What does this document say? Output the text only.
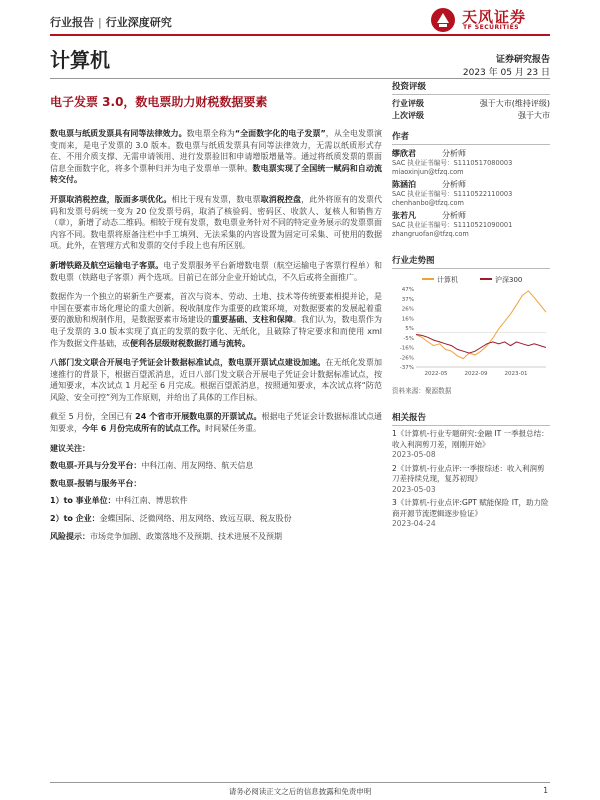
行业报告 | 行业深度研究	天风证券
TF SECURITIES
计算机	证券研究报告
2023 年 05 月 23 日
电子发票 3.0，数电票助力财税数据要素

数电票与纸质发票具有同等法律效力。数电票全称为“全面数字化的电子发票”，从全电发票演变而来，是电子发票的 3.0 版本。数电票与纸质发票具有同等法律效力，无需以纸质形式存在、不用介质支撑、无需申请领用、进行发票验旧和申请增版增量等。通过将纸质发票的票面信息全面数字化，将多个票种归并为电子发票单一票种。数电票实现了全国统一赋码和自动流转交付。

开票取消税控盘，版面多项优化。相比于现有发票，数电票取消税控盘，此外将原有的发票代码和发票号码统一变为 20 位发票号码，取消了核验码、密码区、收款人、复核人和销售方（章），新增了动态二维码。相较于现有发票，数电票业务针对不同的特定业务展示的发票票面内容不同。数电票将原备注栏中手工填列、无法采集的内容设置为固定可采集、可使用的数据项。此外，在管理方式和发票的交付手段上也有所区别。

新增铁路及航空运输电子客票。电子发票服务平台新增数电票（航空运输电子客票行程单）和数电票（铁路电子客票）两个选项。目前已在部分企业开始试点，不久后或将全面推广。

数据作为一个独立的崭新生产要素，首次与资本、劳动、土地、技术等传统要素相提并论，是中国在要素市场化理论的重大创新。税收制度作为重要的政策环境，对数据要素的发展起着重要的激励和规制作用，是数据要素市场建设的重要基础、支柱和保障。我们认为，数电票作为电子发票的 3.0 版本实现了真正的发票的数字化、无纸化，且破除了特定要求和而使用 xml 作为数据文件基础，或便利各层级财税数据打通与流转。

八部门发文联合开展电子凭证会计数据标准试点，数电票开票试点建设加速。在无纸化发票加速推行的背景下，根据百望派消息，近日八部门发文联合开展电子凭证会计数据标准试点，按通知要求，本次试点 1 月起至 6 月完成。根据百望派消息，按照通知要求，本次试点将“防范风险、安全可控”列为工作原则，并给出了具体的工作目标。

截至 5 月份，全国已有 24 个省市开展数电票的开票试点。根据电子凭证会计数据标准试点通知要求，今年 6 月份完成所有的试点工作。时间紧任务重。

建议关注：
数电票-开具与分发平台：中科江南、用友网络、航天信息
数电票-报销与服务平台：
1）to 事业单位：中科江南、博思软件
2）to 企业：金蝶国际、泛微网络、用友网络、致远互联、税友股份
风险提示：市场竞争加剧、政策落地不及预期、技术进展不及预期
投资评级
行业评级	强于大市(维持评级)
上次评级	强于大市
作者
缪欣君	分析师
SAC 执业证书编号：S1110517080003
miaoxinjun@tfzq.com
陈涵泊	分析师
SAC 执业证书编号：S1110522110003
chenhanbo@tfzq.com
张若凡	分析师
SAC 执业证书编号：S1110521090001
zhangruofan@tfzq.com
行业走势图
计算机	沪深300
47%
37%
26%
16%
5%
-5%
-16%
-26%
-37%
2022-05	2022-09	2023-01
资料来源：聚源数据
相关报告
1《计算机-行业专题研究:金融 IT 一季报总结：收入利润剪刀差，刚刚开始》
2023-05-08
2《计算机-行业点评:一季报综述：收入利润剪刀差持续兑现，复苏初现》
2023-05-03
3《计算机-行业点评:GPT 赋能保险 IT，助力险商开源节流逻辑逐步验证》
2023-04-24
请务必阅读正文之后的信息披露和免责申明	1
